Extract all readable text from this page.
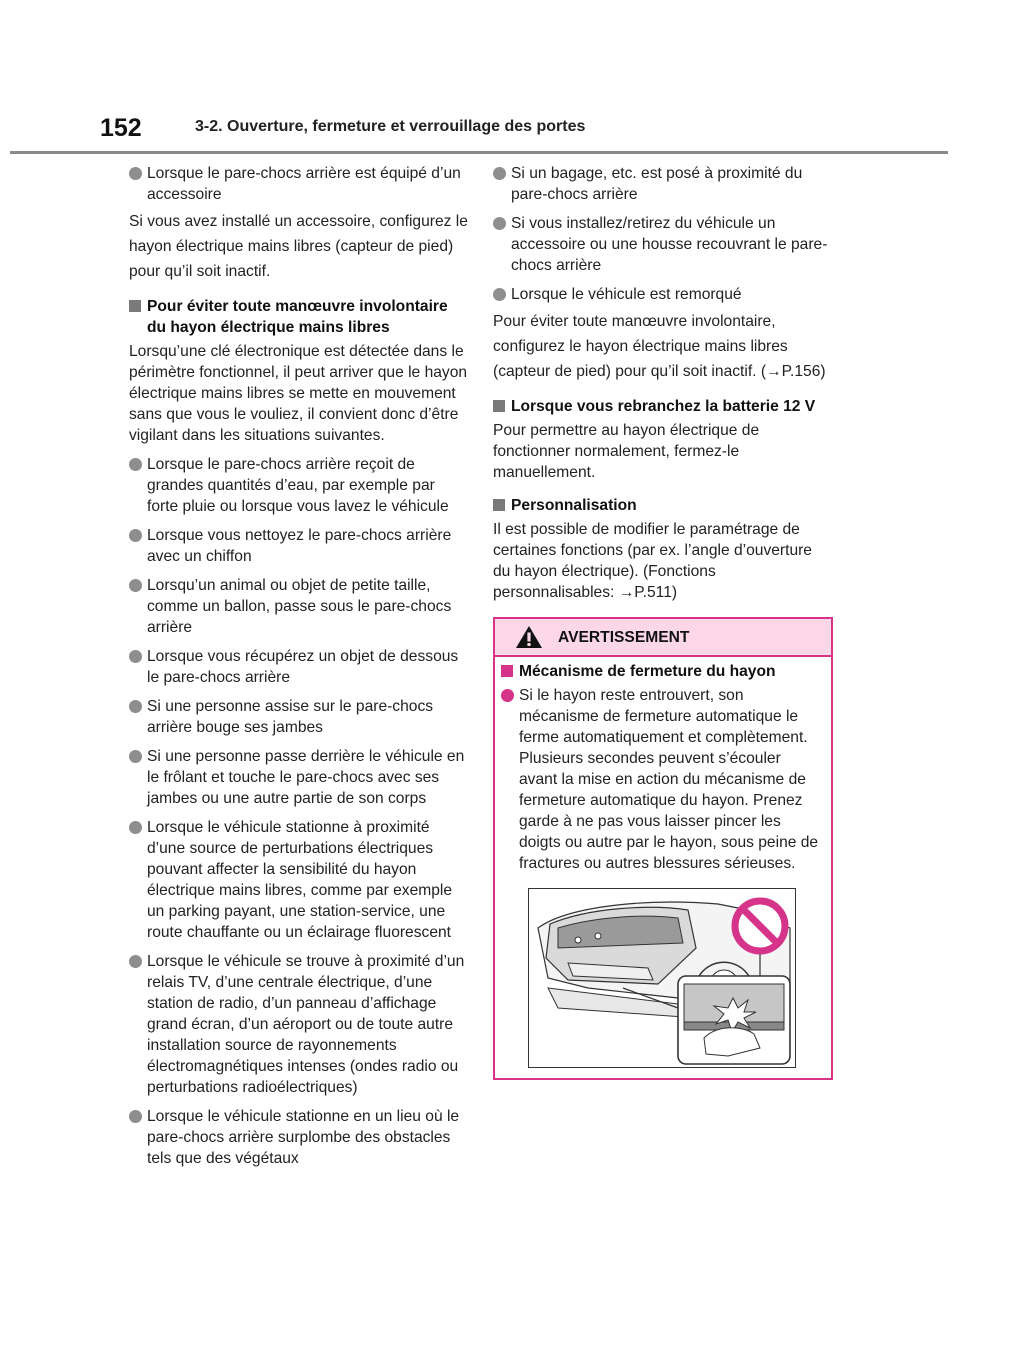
152	3-2. Ouverture, fermeture et verrouillage des portes
Lorsque le pare-chocs arrière est équipé d’un accessoire
Si vous avez installé un accessoire, configurez le hayon électrique mains libres (capteur de pied) pour qu’il soit inactif.
Pour éviter toute manœuvre involontaire du hayon électrique mains libres
Lorsqu’une clé électronique est détectée dans le périmètre fonctionnel, il peut arriver que le hayon électrique mains libres se mette en mouvement sans que vous le vouliez, il convient donc d’être vigilant dans les situations suivantes.
Lorsque le pare-chocs arrière reçoit de grandes quantités d’eau, par exemple par forte pluie ou lorsque vous lavez le véhicule
Lorsque vous nettoyez le pare-chocs arrière avec un chiffon
Lorsqu’un animal ou objet de petite taille, comme un ballon, passe sous le pare-chocs arrière
Lorsque vous récupérez un objet de dessous le pare-chocs arrière
Si une personne assise sur le pare-chocs arrière bouge ses jambes
Si une personne passe derrière le véhicule en le frôlant et touche le pare-chocs avec ses jambes ou une autre partie de son corps
Lorsque le véhicule stationne à proximité d’une source de perturbations électriques pouvant affecter la sensibilité du hayon électrique mains libres, comme par exemple un parking payant, une station-service, une route chauffante ou un éclairage fluorescent
Lorsque le véhicule se trouve à proximité d’un relais TV, d’une centrale électrique, d’une station de radio, d’un panneau d’affichage grand écran, d’un aéroport ou de toute autre installation source de rayonnements électromagnétiques intenses (ondes radio ou perturbations radioélectriques)
Lorsque le véhicule stationne en un lieu où le pare-chocs arrière surplombe des obstacles tels que des végétaux
Si un bagage, etc. est posé à proximité du pare-chocs arrière
Si vous installez/retirez du véhicule un accessoire ou une housse recouvrant le pare-chocs arrière
Lorsque le véhicule est remorqué
Pour éviter toute manœuvre involontaire, configurez le hayon électrique mains libres (capteur de pied) pour qu’il soit inactif. (→P.156)
Lorsque vous rebranchez la batterie 12 V
Pour permettre au hayon électrique de fonctionner normalement, fermez-le manuellement.
Personnalisation
Il est possible de modifier le paramétrage de certaines fonctions (par ex. l’angle d’ouverture du hayon électrique). (Fonctions personnalisables: →P.511)
AVERTISSEMENT
Mécanisme de fermeture du hayon
Si le hayon reste entrouvert, son mécanisme de fermeture automatique le ferme automatiquement et complètement. Plusieurs secondes peuvent s’écouler avant la mise en action du mécanisme de fermeture automatique du hayon. Prenez garde à ne pas vous laisser pincer les doigts ou autre par le hayon, sous peine de fractures ou autres blessures sérieuses.
